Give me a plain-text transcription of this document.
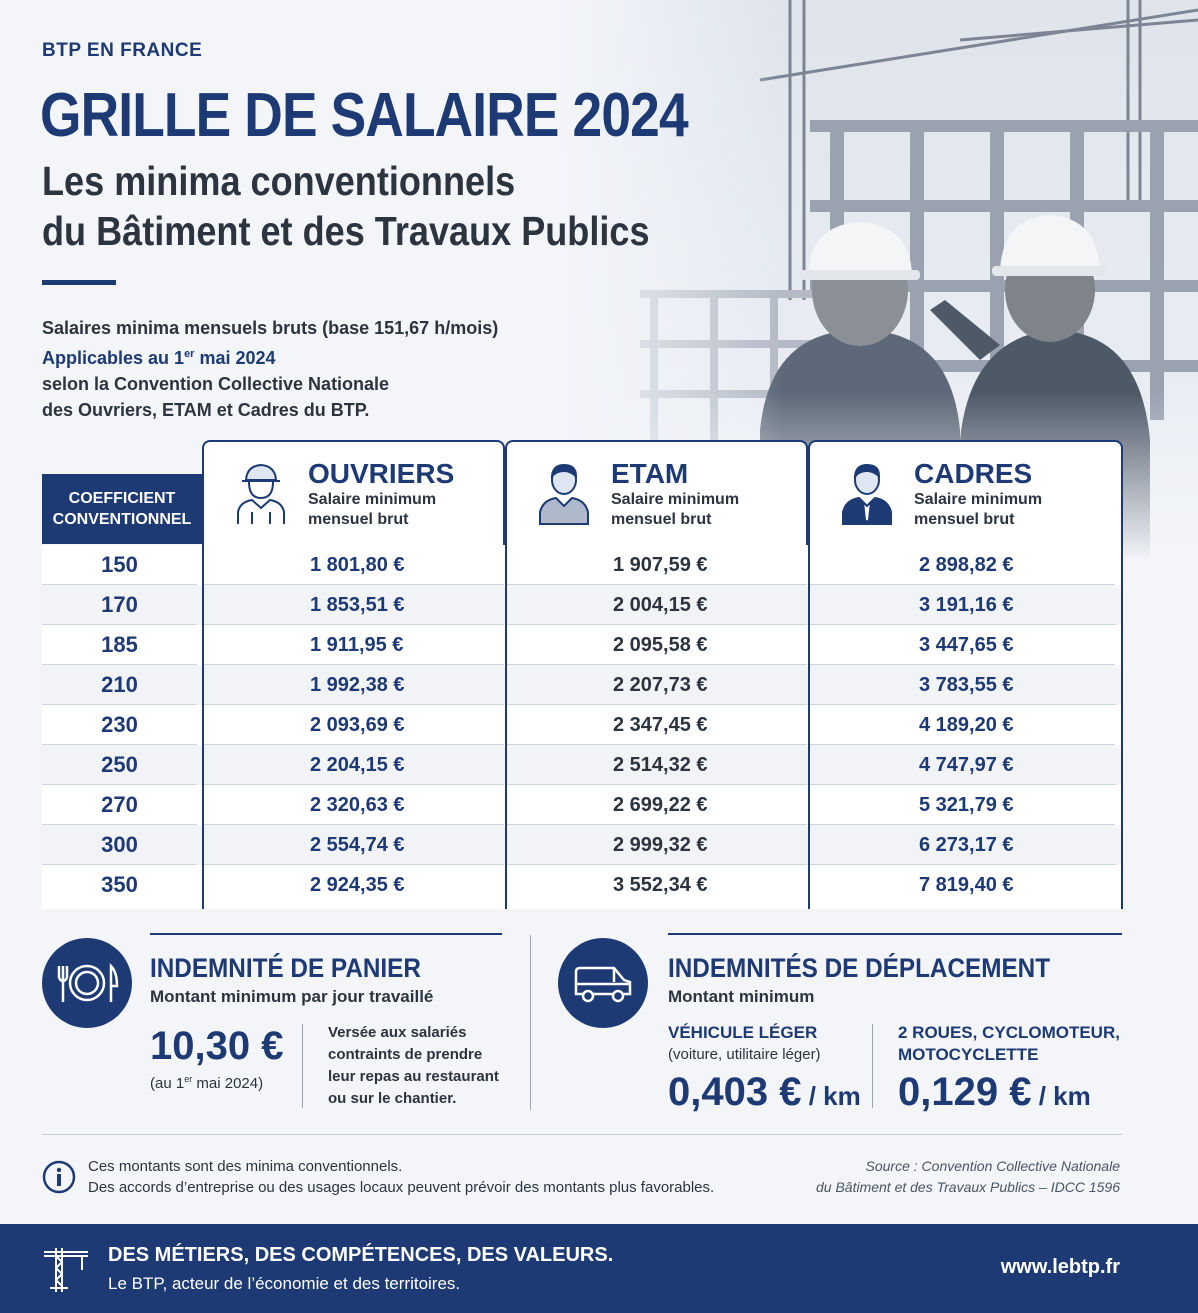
BTP EN FRANCE
GRILLE DE SALAIRE 2024
Les minima conventionnels
du Bâtiment et des Travaux Publics
Salaires minima mensuels bruts (base 151,67 h/mois)
Applicables au 1er mai 2024
selon la Convention Collective Nationale
des Ouvriers, ETAM et Cadres du BTP.
COEFFICIENT
CONVENTIONNEL
OUVRIERS
Salaire minimum
mensuel brut
ETAM
Salaire minimum
mensuel brut
CADRES
Salaire minimum
mensuel brut
150	1 801,80 €	1 907,59 €	2 898,82 €
170	1 853,51 €	2 004,15 €	3 191,16 €
185	1 911,95 €	2 095,58 €	3 447,65 €
210	1 992,38 €	2 207,73 €	3 783,55 €
230	2 093,69 €	2 347,45 €	4 189,20 €
250	2 204,15 €	2 514,32 €	4 747,97 €
270	2 320,63 €	2 699,22 €	5 321,79 €
300	2 554,74 €	2 999,32 €	6 273,17 €
350	2 924,35 €	3 552,34 €	7 819,40 €
INDEMNITÉ DE PANIER
Montant minimum par jour travaillé
10,30 €
(au 1er mai 2024)
Versée aux salariés
contraints de prendre
leur repas au restaurant
ou sur le chantier.
INDEMNITÉS DE DÉPLACEMENT
Montant minimum
VÉHICULE LÉGER
(voiture, utilitaire léger)
0,403 € / km
2 ROUES, CYCLOMOTEUR,
MOTOCYCLETTE
0,129 € / km
Ces montants sont des minima conventionnels.
Des accords d’entreprise ou des usages locaux peuvent prévoir des montants plus favorables.
Source : Convention Collective Nationale
du Bâtiment et des Travaux Publics – IDCC 1596
DES MÉTIERS, DES COMPÉTENCES, DES VALEURS.
Le BTP, acteur de l’économie et des territoires.
www.lebtp.fr
